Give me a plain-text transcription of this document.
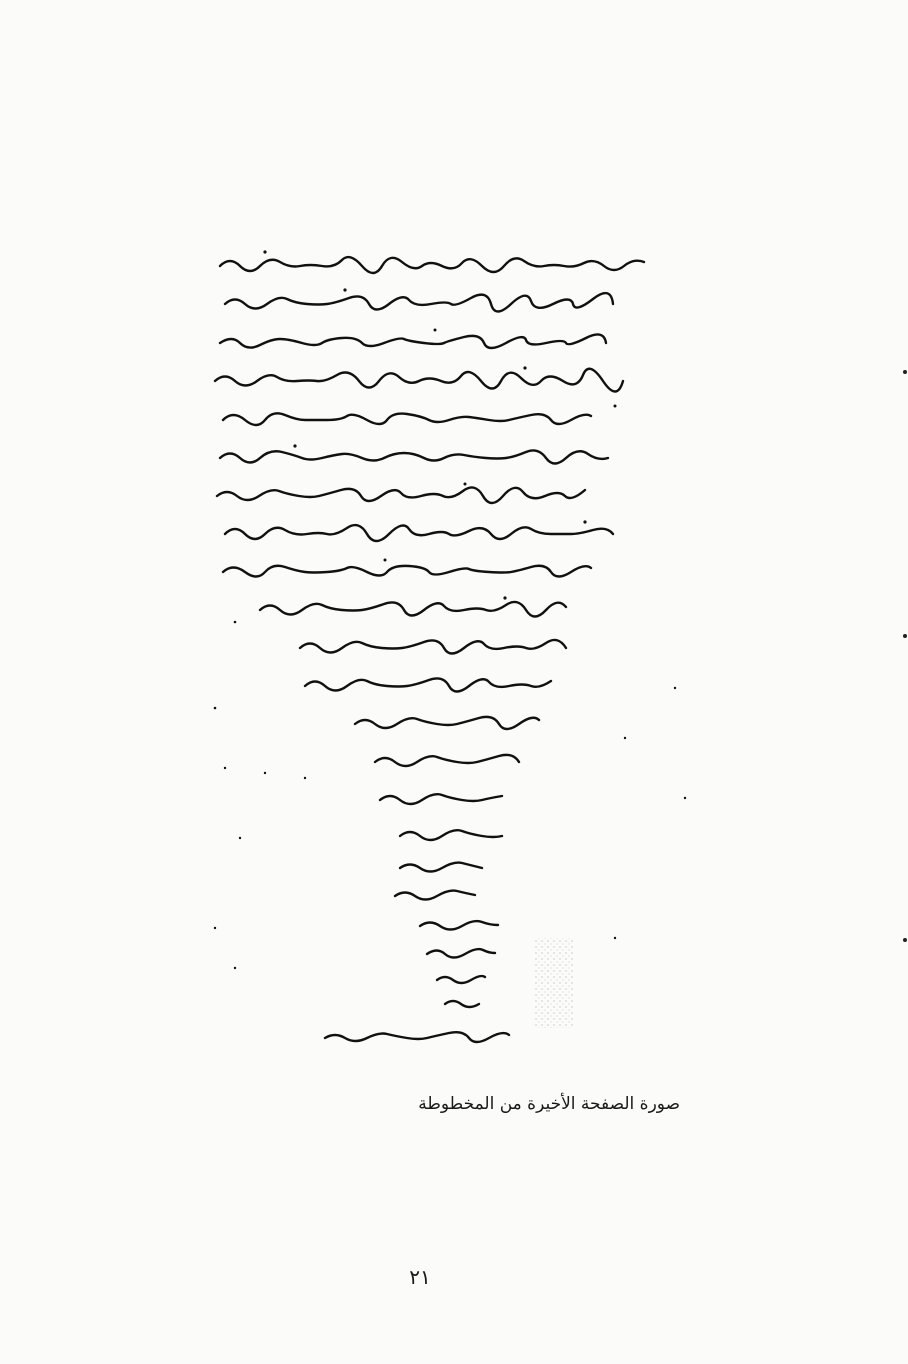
صورة الصفحة الأخيرة من المخطوطة
٢١
